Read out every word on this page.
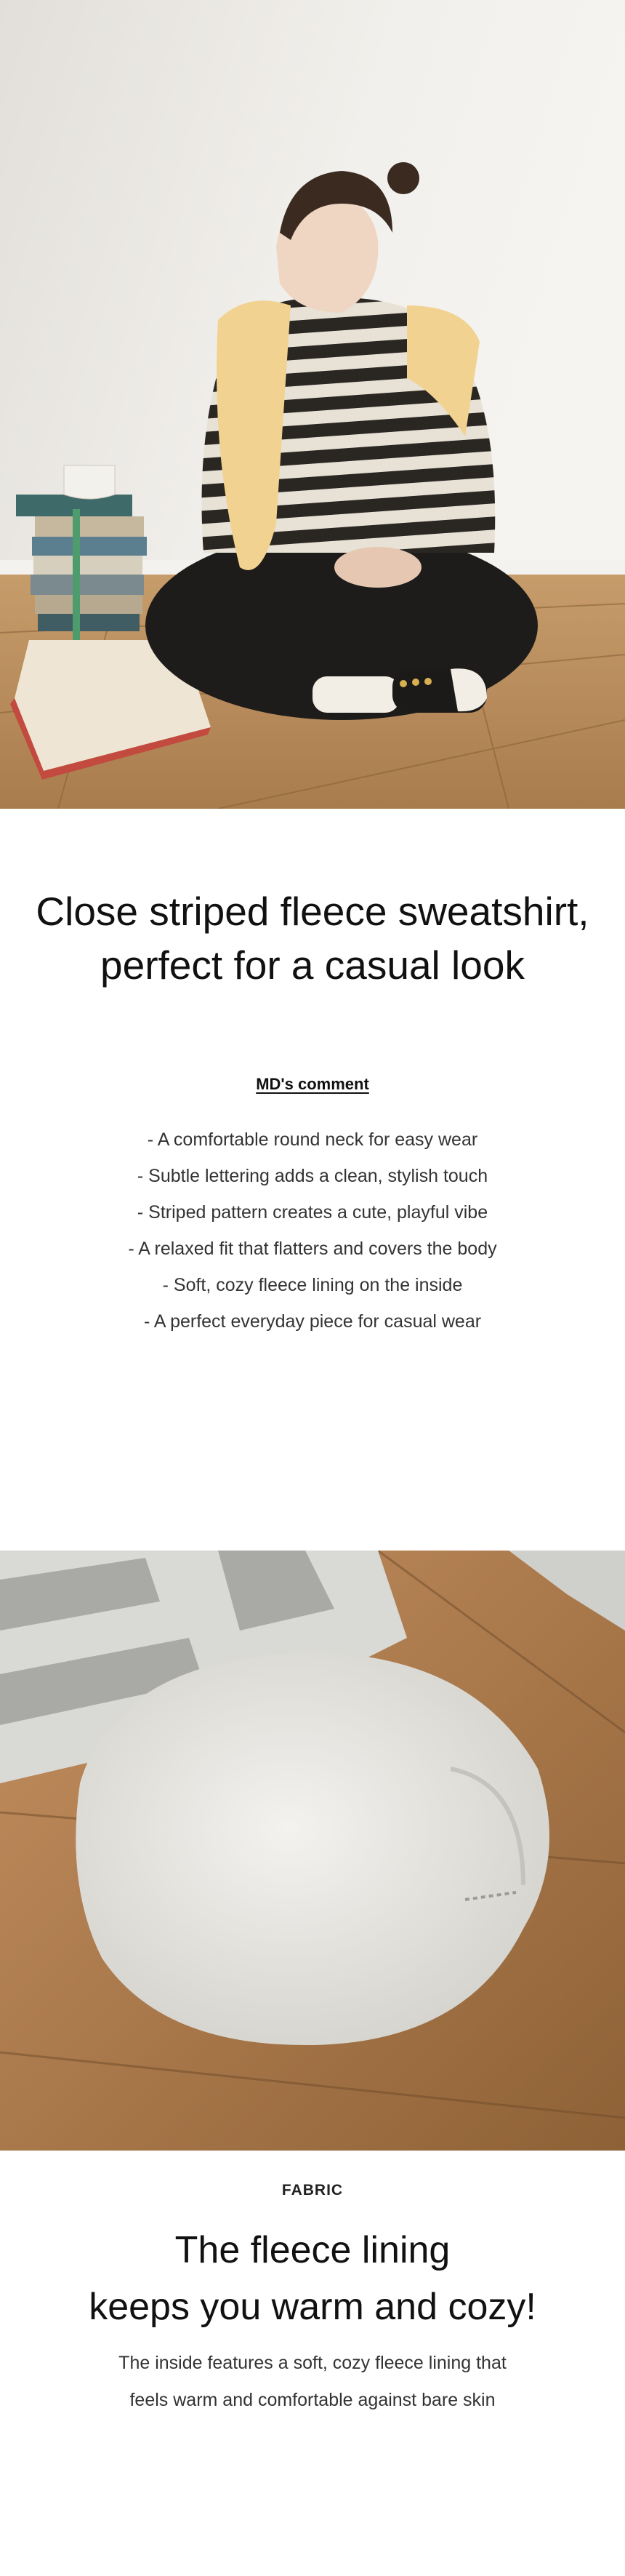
Close striped fleece sweatshirt,
perfect for a casual look
MD's comment
- A comfortable round neck for easy wear
- Subtle lettering adds a clean, stylish touch
- Striped pattern creates a cute, playful vibe
- A relaxed fit that flatters and covers the body
- Soft, cozy fleece lining on the inside
- A perfect everyday piece for casual wear
FABRIC
The fleece lining
keeps you warm and cozy!

The inside features a soft, cozy fleece lining that
feels warm and comfortable against bare skin
